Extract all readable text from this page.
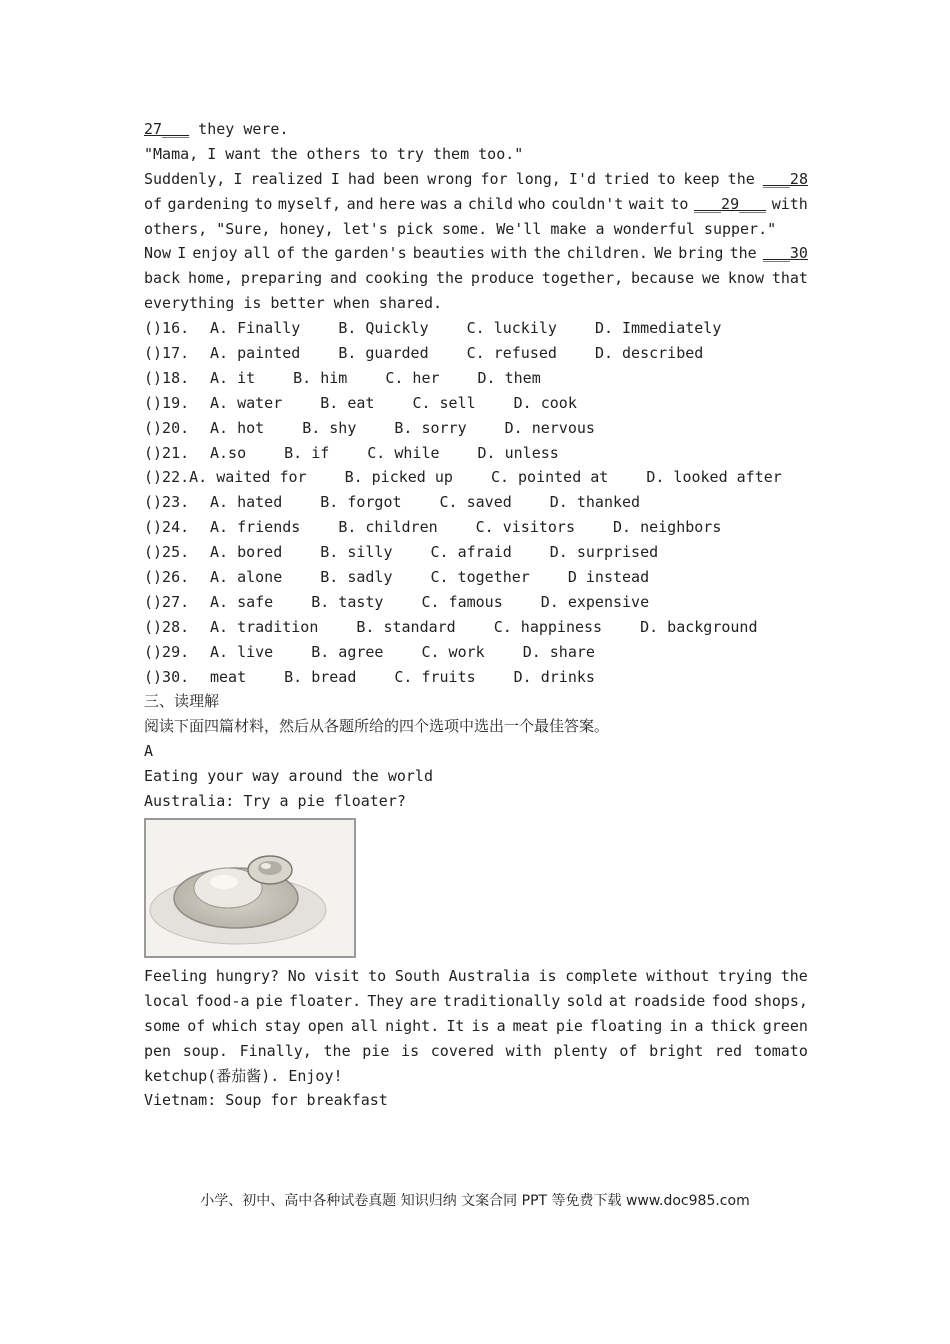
27___ they were.
"Mama, I want the others to try them too."
Suddenly, I realized I had been wrong for long, I'd tried to keep the ___28
of gardening to myself, and here was a child who couldn't wait to ___29___ with
others, "Sure, honey, let's pick some. We'll make a wonderful supper."
Now I enjoy all of the garden's beauties with the children. We bring the ___30
back home, preparing and cooking the produce together, because we know that
everything is better when shared.
()16.	A. Finally	B. Quickly	C. luckily	D. Immediately
()17.	A. painted	B. guarded	C. refused	D. described
()18.	A. it	B. him	C. her	D. them
()19.	A. water	B. eat	C. sell	D. cook
()20.	A. hot	B. shy	B. sorry	D. nervous
()21.	A.so	B. if	C. while	D. unless
()22. A. waited for	B. picked up	C. pointed at	D. looked after
()23.	A. hated	B. forgot	C. saved	D. thanked
()24.	A. friends	B. children	C. visitors	D. neighbors
()25.	A. bored	B. silly	C. afraid	D. surprised
()26.	A. alone	B. sadly	C. together	D instead
()27.	A. safe	B. tasty	C. famous	D. expensive
()28.	A. tradition	B. standard	C. happiness	D. background
()29.	A. live	B. agree	C. work	D. share
()30.	meat	B. bread	C. fruits	D. drinks
三、读理解
阅读下面四篇材料，然后从各题所给的四个选项中选出一个最佳答案。
A
Eating your way around the world
Australia: Try a pie floater?
Feeling hungry? No visit to South Australia is complete without trying the
local food-a pie floater. They are traditionally sold at roadside food shops,
some of which stay open all night. It is a meat pie floating in a thick green
pen soup. Finally, the pie is covered with plenty of bright red tomato
ketchup(番茄酱). Enjoy!
Vietnam: Soup for breakfast
小学、初中、高中各种试卷真题 知识归纳 文案合同 PPT 等免费下载 www.doc985.com
